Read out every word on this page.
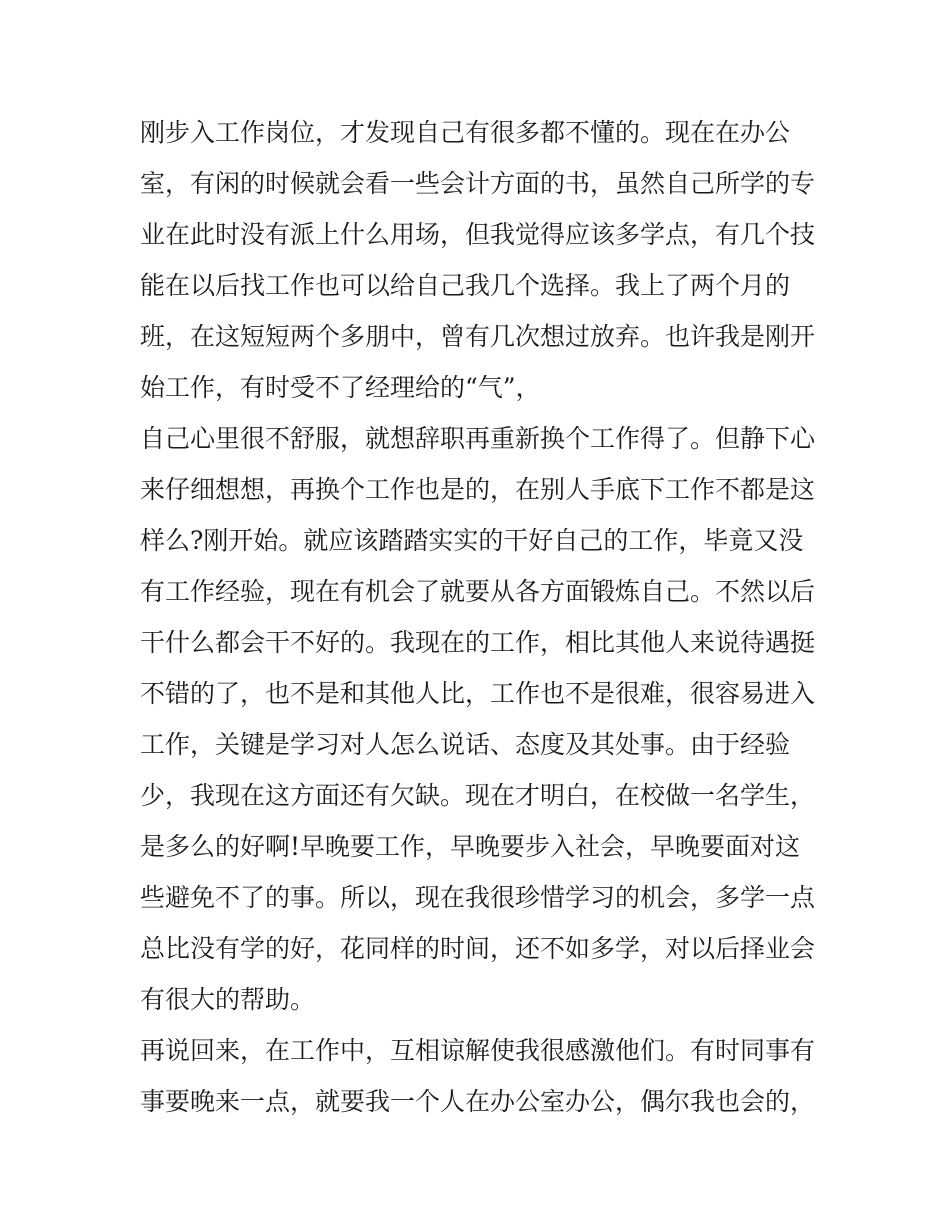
刚步入工作岗位，才发现自己有很多都不懂的。现在在办公
室，有闲的时候就会看一些会计方面的书，虽然自己所学的专
业在此时没有派上什么用场，但我觉得应该多学点，有几个技
能在以后找工作也可以给自己我几个选择。我上了两个月的
班，在这短短两个多朋中，曾有几次想过放弃。也许我是刚开
始工作，有时受不了经理给的“气”，
自己心里很不舒服，就想辞职再重新换个工作得了。但静下心
来仔细想想，再换个工作也是的，在别人手底下工作不都是这
样么?刚开始。就应该踏踏实实的干好自己的工作，毕竟又没
有工作经验，现在有机会了就要从各方面锻炼自己。不然以后
干什么都会干不好的。我现在的工作，相比其他人来说待遇挺
不错的了，也不是和其他人比，工作也不是很难，很容易进入
工作，关键是学习对人怎么说话、态度及其处事。由于经验
少，我现在这方面还有欠缺。现在才明白，在校做一名学生，
是多么的好啊!早晚要工作，早晚要步入社会，早晚要面对这
些避免不了的事。所以，现在我很珍惜学习的机会，多学一点
总比没有学的好，花同样的时间，还不如多学，对以后择业会
有很大的帮助。
再说回来，在工作中，互相谅解使我很感激他们。有时同事有
事要晚来一点，就要我一个人在办公室办公，偶尔我也会的，
